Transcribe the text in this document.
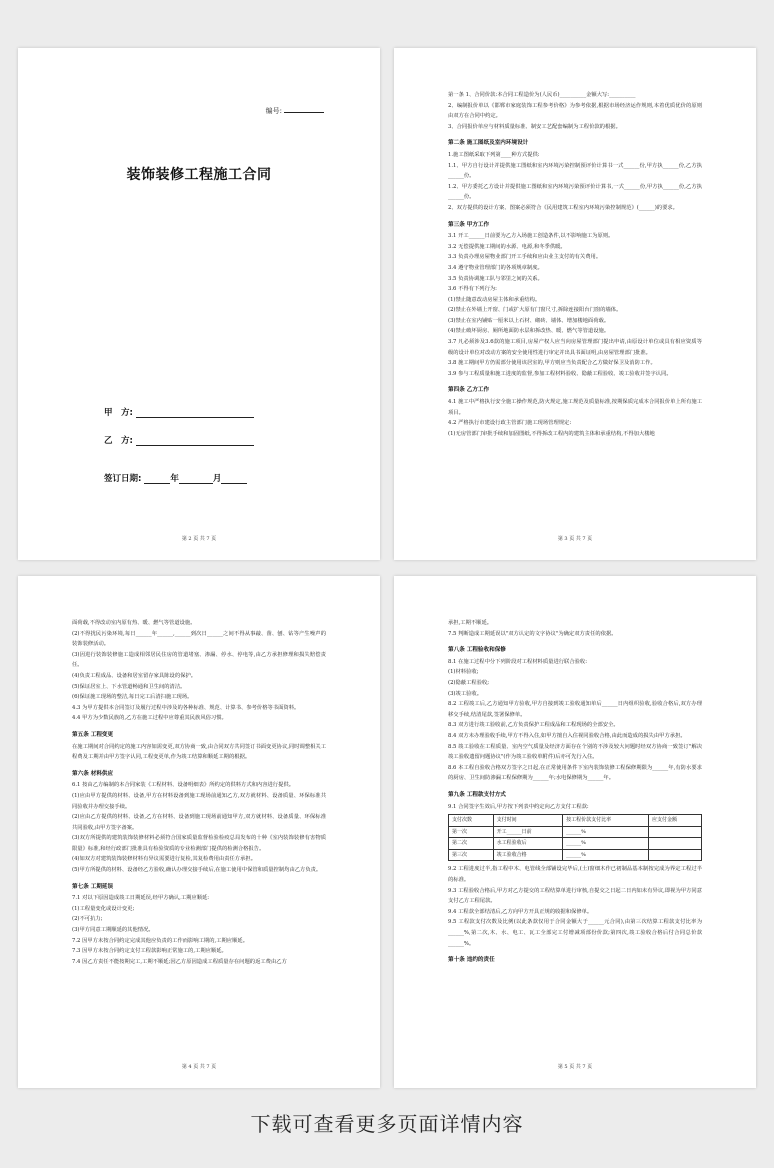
编号:
装饰装修工程施工合同
甲　方:
乙　方:
签订日期:	年	月
第 2 页 共 7 页

第一条 1、合同价款:本合同工程造价为(人民币)__________金额大写:__________

2、编制报价单以《邯郸市家庭装饰工程参考价格》为参考依据,根据市场经济运作规则,本着优质优价的原则由双方在合同中约定。

3、合同报价单应与材料质量标准、制安工艺配套编制为工程价款的根据。

第二条 施工图纸及室内环境设计

1.施工图纸采取下列第____种方式提供:

1.1、甲方自行设计并提供施工图纸和室内环境污染控制预评价计算书一式______份,甲方执______份,乙方执______份。

1.2、甲方委托乙方设计并提供施工图纸和室内环境污染预评价计算书,一式______份,甲方执______份,乙方执______份。

2、双方提供的设计方案、图案必须符合《民用建筑工程室内环境污染控制规范》(______)的要求。

第三条 甲方工作

3.1 开工______日前要为乙方入场施工创造条件,以不影响施工为原则。

3.2 无偿提供施工期间的水源、电源,和冬季供暖。

3.3 负责办理房屋物业部门开工手续和应由业主支付的有关费用。

3.4 遵守物业管理部门的各项规章制度。

3.5 负责协调施工队与邻里之间的关系。

3.6 不得有下列行为:

(1)禁止随意改动房屋主体和承重结构。

(2)禁止在外墙上开窗、门或扩大原有门窗尺寸,拆除连接阳台门窗的墙体。

(3)禁止在室内铺贴一厘米以上石材、砌砖、墙体、增加楼地面荷载。

(4)禁止破坏厨房、厕所地面防水层和拆改热、暖、燃气等管道设施。

3.7 凡必须涉及3.6款的施工项目,房屋产权人应当向房屋管理部门提出申请,由原设计单位或具有相应资质等级的设计单位对改动方案的安全使用性进行审定并出具书面证明,由房屋管理部门批准。

3.8 施工期间甲方仍需部分使用该居室的,甲方则应当负责配合乙方做好保卫及消防工作。

3.9 参与工程质量和施工进度的监督,参加工程材料验收、隐蔽工程验收、竣工验收并签字认同。

第四条 乙方工作

4.1 施工中严格执行安全施工操作规范,防火规定,施工规范及质量标准,按期保质完成本合同报价单上所有施工项目。

4.2 严格执行市建设行政主管部门施工现场管理规定:

(1)无房管部门审批手续和加固图纸,不得拆改工程内的建筑主体和承重结构,不得加大楼地

第 3 页 共 7 页

面荷载,不得改动室内原有热、暖、燃气等管道设施。

(2)不得扰民污染环境,每日______年______,______到次日______之间不得从事敲、凿、刨、钻等产生噪声的装饰装修活动。

(3)因进行装饰装修施工造成相邻居民住房的管道堵塞、渗漏、停水、停电等,由乙方承担修理和损失赔偿责任。

(4)负责工程成品、设备和居室留存家具陈设的保护。

(5)保证居室上、下水管道畅通和卫生间的清洁。

(6)保证施工现场的整洁,每日完工后清扫施工现场。

4.3 为甲方提供本合同签订及履行过程中涉及的各种标准、规范、计算书、参考价格等书面资料。

4.4 甲方为少数民族的,乙方在施工过程中应尊重其民族风俗习惯。

第五条 工程变更

在施工期间对合同约定的施工内容如需变更,双方协商一致,由合同双方共同签订书面变更协议,同时调整相关工程费及工期并由甲方签字认同,工程变更单,作为竣工结算和顺延工期的根据。

第六条 材料供应

6.1 按由乙方编制的本合同家装《工程材料、设备明细表》所约定的供料方式和内容进行提供。

(1)应由甲方提供的材料、设备,甲方在材料设备到施工现场前通知乙方,双方就材料、设备质量、环保标准共同验收并办理交接手续。

(2)应由乙方提供的材料、设备,乙方在材料、设备到施工现场前通知甲方,双方就材料、设备质量、环保标准共同验收,由甲方签字备案。

(3)双方所提供的建筑装饰装修材料必须符合国家质量监督检验检疫总局发布的十种《室内装饰装修有害物质限量》标准,和经行政部门批准具有检验资质的专业检测部门提供的检测合格报告。

(4)如双方对建筑装饰装修材料有异议需要进行复检,其复检费用由责任方承担。

(5)甲方所提供的材料、设备经乙方验收,确认办理交接手续后,在施工使用中保管和质量控制均由乙方负责。

第七条 工期延误

7.1 对以下原因造成竣工日期延误,经甲方确认,工期应顺延:

(1)工程量变化或设计变更;

(2)不可抗力;

(3)甲方同意工期顺延的其他情况。

7.2 因甲方未按合同约定完成其他应负责的工作而影响工期的,工期应顺延。

7.3 因甲方未按合同约定支付工程款影响正常施工的,工期应顺延。

7.4 因乙方责任不能按期完工,工期不顺延;因乙方原因造成工程质量存在问题的返工费由乙方

第 4 页 共 7 页

承担,工期不顺延。

7.5 判断造成工期延误以"双方认定的文字协议"为确定双方责任的依据。

第八条 工程验收和保修

8.1 在施工过程中分下列阶段对工程材料质量进行联合验收:

(1)材料验收;

(2)隐蔽工程验收;

(3)竣工验收。

8.2 工程竣工后,乙方通知甲方验收,甲方自接到竣工验收通知单后______日内组织验收,验收合格后,双方办理移交手续,结清尾款,签署保修单。

8.3 双方进行竣工验收前,乙方负责保护工程成品和工程现场的全部安全。

8.4 双方未办理验收手续,甲方不得入住,如甲方擅自入住视同验收合格,由此而造成的损失由甲方承担。

8.5 竣工验收在工程质量、室内空气质量及经济方面存在个别的不涉及较大问题时经双方协商一致签订"解决竣工验收遗留问题协议"(作为竣工验收单附件)后亦可先行入住。

8.6 本工程自验收合格双方签字之日起,在正常使用条件下室内装饰装修工程保修期限为______年,有防水要求的厨房、卫生间防渗漏工程保修期为______年;水电保修期为______年。

第九条 工程款支付方式

9.1 合同签字生效后,甲方按下列表中约定向乙方支付工程款:

支付次数	支付时间	按工程价款支付比率	应支付金额
第一次	开工______日前	______%	
第二次	水工程验收后	______%	
第三次	竣工验收合格	______%	

9.2 工程进度过半,指工程中木、电管线全部铺设完毕后,(土)窗细木作已初制品基本制按完成为界定工程过半的标准。

9.3 工程验收合格后,甲方对乙方提交的工程结算单进行审核,自提交之日起二日内如未有异议,即视为甲方同意支付乙方工程尾款。

9.4 工程款全部结清后,乙方向甲方开具正规的收据和保修单。

9.5 工程款支付次数及比例(以此条款仅用于合同金额大于______元合同),由第三次结算工程款支付比率为______%,第二次,木、水、电工、瓦工全部完工付增减项部份价款;第四次,竣工验收合格后付合同总价款______%。

第十条 违约的责任
第 5 页 共 7 页
下载可查看更多页面详情内容
